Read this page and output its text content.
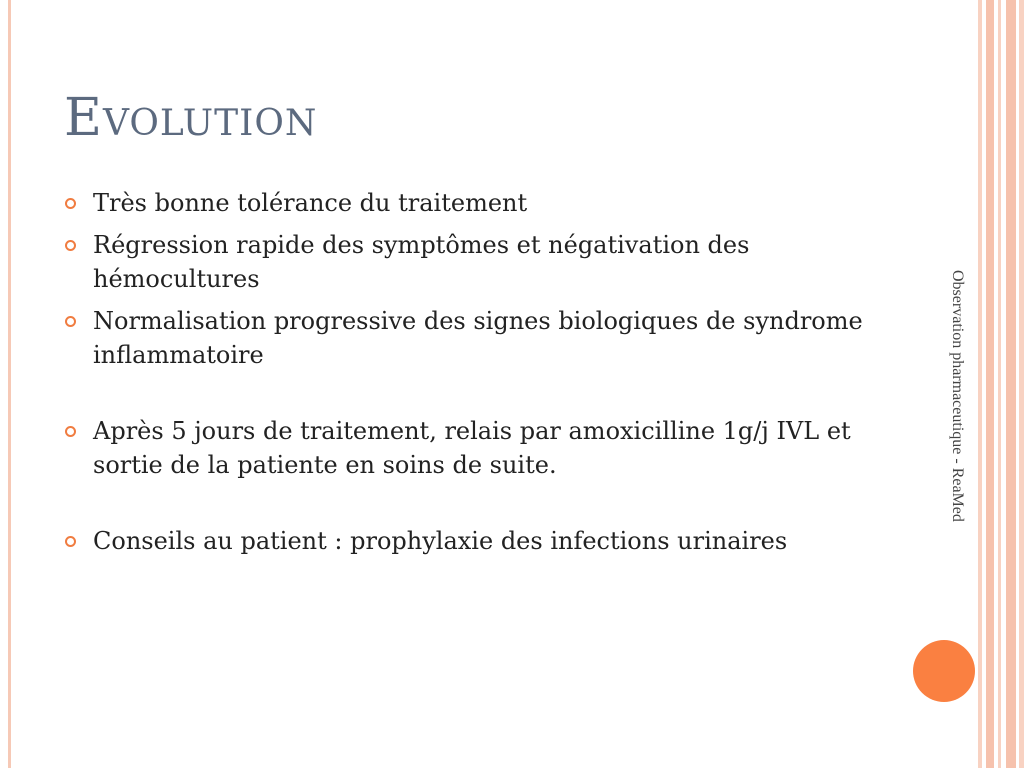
Evolution
Très bonne tolérance du traitement
Régression rapide des symptômes et négativation des hémocultures
Normalisation progressive des signes biologiques de syndrome inflammatoire
Après 5 jours de traitement, relais par amoxicilline 1g/j IVL et sortie de la patiente en soins de suite.
Conseils au patient : prophylaxie des infections urinaires
Observation pharmaceutique - ReaMed
